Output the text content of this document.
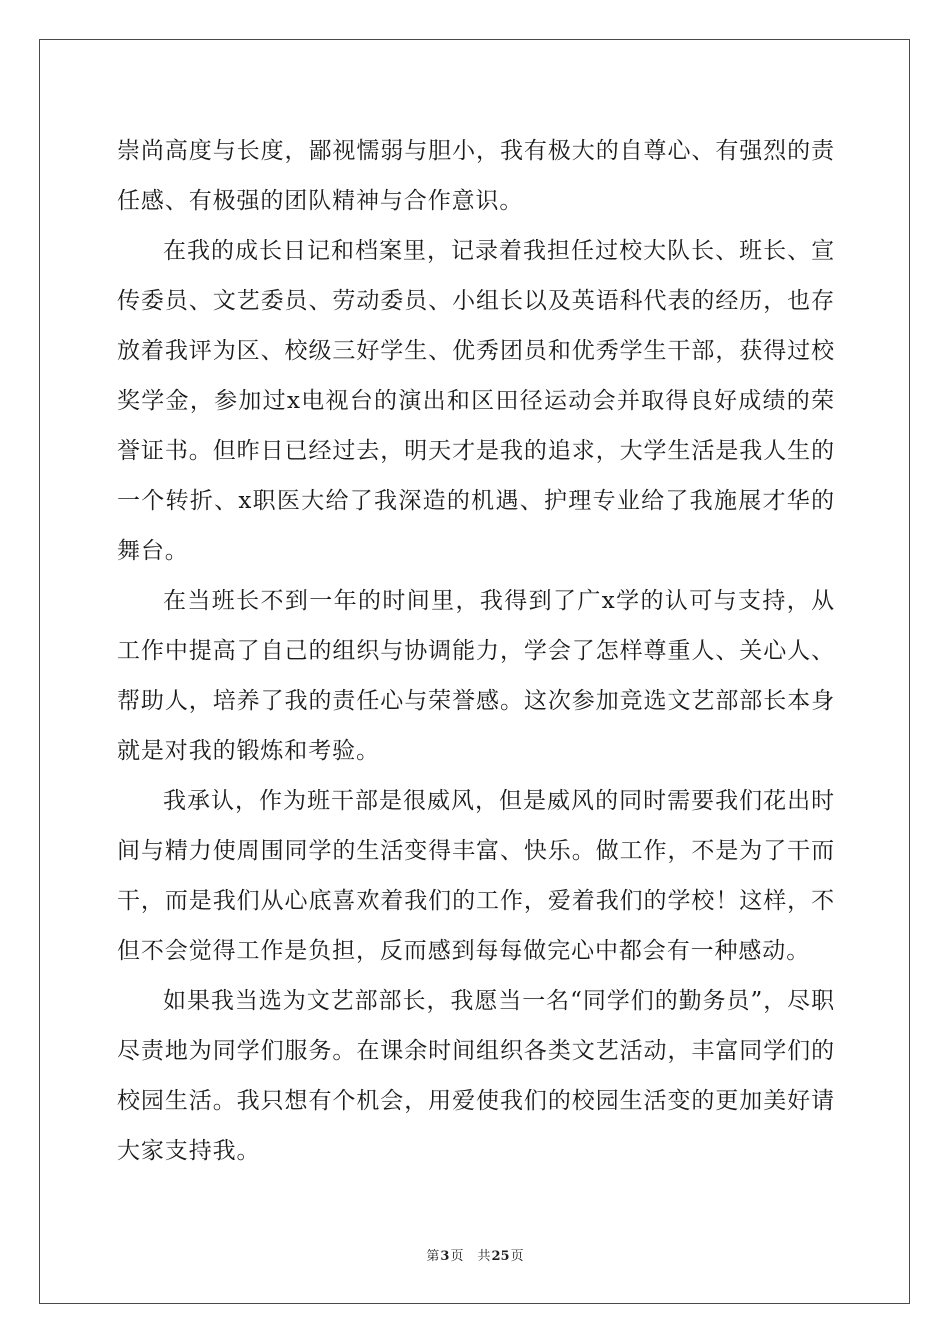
崇尚高度与长度，鄙视懦弱与胆小，我有极大的自尊心、有强烈的责任感、有极强的团队精神与合作意识。

在我的成长日记和档案里，记录着我担任过校大队长、班长、宣传委员、文艺委员、劳动委员、小组长以及英语科代表的经历，也存放着我评为区、校级三好学生、优秀团员和优秀学生干部，获得过校奖学金，参加过x电视台的演出和区田径运动会并取得良好成绩的荣誉证书。但昨日已经过去，明天才是我的追求，大学生活是我人生的一个转折、x职医大给了我深造的机遇、护理专业给了我施展才华的舞台。

在当班长不到一年的时间里，我得到了广x学的认可与支持，从工作中提高了自己的组织与协调能力，学会了怎样尊重人、关心人、帮助人，培养了我的责任心与荣誉感。这次参加竞选文艺部部长本身就是对我的锻炼和考验。

我承认，作为班干部是很威风，但是威风的同时需要我们花出时间与精力使周围同学的生活变得丰富、快乐。做工作，不是为了干而干，而是我们从心底喜欢着我们的工作，爱着我们的学校！这样，不但不会觉得工作是负担，反而感到每每做完心中都会有一种感动。

如果我当选为文艺部部长，我愿当一名“同学们的勤务员”，尽职尽责地为同学们服务。在课余时间组织各类文艺活动，丰富同学们的校园生活。我只想有个机会，用爱使我们的校园生活变的更加美好请大家支持我。

第3页 共25页
